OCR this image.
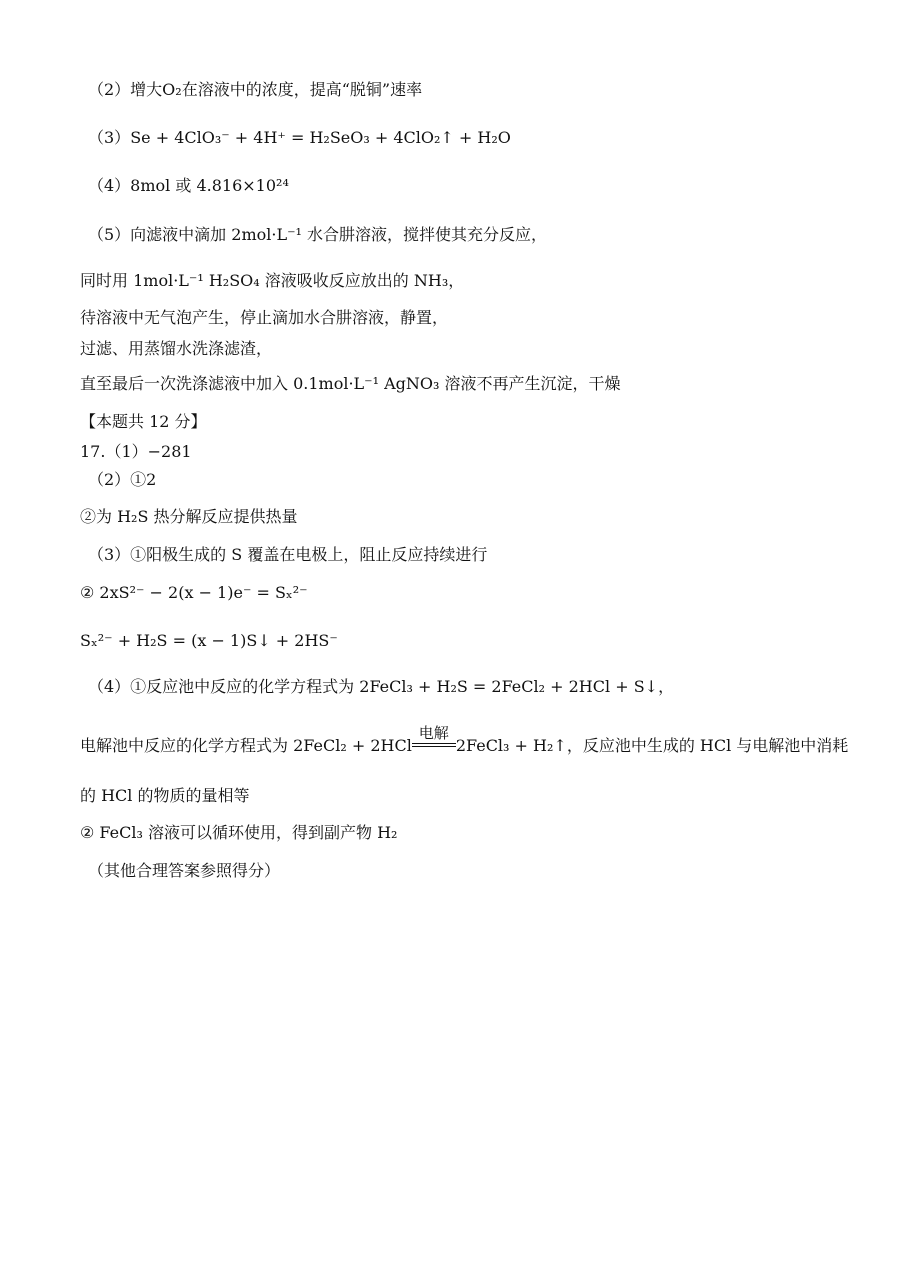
（2）增大O₂在溶液中的浓度，提高“脱铜”速率
（3）Se + 4ClO₃⁻ + 4H⁺ = H₂SeO₃ + 4ClO₂↑ + H₂O
（4）8mol 或 4.816×10²⁴
（5）向滤液中滴加 2mol·L⁻¹ 水合肼溶液，搅拌使其充分反应，
同时用 1mol·L⁻¹ H₂SO₄ 溶液吸收反应放出的 NH₃，
待溶液中无气泡产生，停止滴加水合肼溶液，静置，
过滤、用蒸馏水洗涤滤渣，
直至最后一次洗涤滤液中加入 0.1mol·L⁻¹ AgNO₃ 溶液不再产生沉淀，干燥
【本题共 12 分】
17.（1）−281
（2）①2
②为 H₂S 热分解反应提供热量
（3）①阳极生成的 S 覆盖在电极上，阻止反应持续进行
② 2xS²⁻ − 2(x − 1)e⁻ = Sₓ²⁻
Sₓ²⁻ + H₂S = (x − 1)S↓ + 2HS⁻
（4）①反应池中反应的化学方程式为 2FeCl₃ + H₂S = 2FeCl₂ + 2HCl + S↓，
电解池中反应的化学方程式为 2FeCl₂ + 2HCl
电解
2FeCl₃ + H₂↑，反应池中生成的 HCl 与电解池中消耗
的 HCl 的物质的量相等
② FeCl₃ 溶液可以循环使用，得到副产物 H₂
（其他合理答案参照得分）
